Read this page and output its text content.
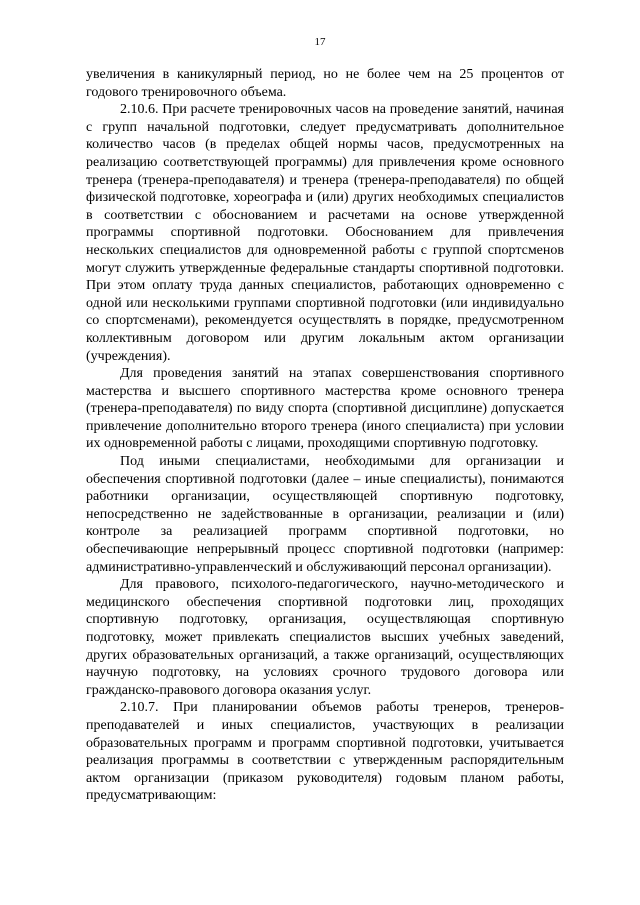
17

увеличения в каникулярный период, но не более чем на 25 процентов от годового тренировочного объема.

2.10.6. При расчете тренировочных часов на проведение занятий, начиная с групп начальной подготовки, следует предусматривать дополнительное количество часов (в пределах общей нормы часов, предусмотренных на реализацию соответствующей программы) для привлечения кроме основного тренера (тренера-преподавателя) и тренера (тренера-преподавателя) по общей физической подготовке, хореографа и (или) других необходимых специалистов в соответствии с обоснованием и расчетами на основе утвержденной программы спортивной подготовки. Обоснованием для привлечения нескольких специалистов для одновременной работы с группой спортсменов могут служить утвержденные федеральные стандарты спортивной подготовки. При этом оплату труда данных специалистов, работающих одновременно с одной или несколькими группами спортивной подготовки (или индивидуально со спортсменами), рекомендуется осуществлять в порядке, предусмотренном коллективным договором или другим локальным актом организации (учреждения).

Для проведения занятий на этапах совершенствования спортивного мастерства и высшего спортивного мастерства кроме основного тренера (тренера-преподавателя) по виду спорта (спортивной дисциплине) допускается привлечение дополнительно второго тренера (иного специалиста) при условии их одновременной работы с лицами, проходящими спортивную подготовку.

Под иными специалистами, необходимыми для организации и обеспечения спортивной подготовки (далее – иные специалисты), понимаются работники организации, осуществляющей спортивную подготовку, непосредственно не задействованные в организации, реализации и (или) контроле за реализацией программ спортивной подготовки, но обеспечивающие непрерывный процесс спортивной подготовки (например: административно-управленческий и обслуживающий персонал организации).

Для правового, психолого-педагогического, научно-методического и медицинского обеспечения спортивной подготовки лиц, проходящих спортивную подготовку, организация, осуществляющая спортивную подготовку, может привлекать специалистов высших учебных заведений, других образовательных организаций, а также организаций, осуществляющих научную подготовку, на условиях срочного трудового договора или гражданско-правового договора оказания услуг.

2.10.7. При планировании объемов работы тренеров, тренеров-преподавателей и иных специалистов, участвующих в реализации образовательных программ и программ спортивной подготовки, учитывается реализация программы в соответствии с утвержденным распорядительным актом организации (приказом руководителя) годовым планом работы, предусматривающим:
